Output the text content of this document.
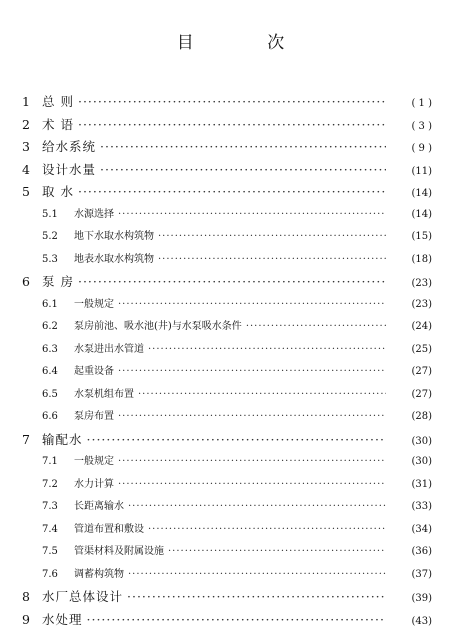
目 次
1 总 则 ·····	( 1 )
2 术 语 ·····	( 3 )
3 给水系统 ·····	( 9 )
4 设计水量 ·····	(11)
5 取 水 ·····	(14)
5.1	水源选择 ·····	(14)
5.2	地下水取水构筑物 ·····	(15)
5.3	地表水取水构筑物 ·····	(18)
6 泵 房 ·····	(23)
6.1	一般规定 ·····	(23)
6.2	泵房前池、吸水池(井)与水泵吸水条件 ·····	(24)
6.3	水泵进出水管道 ·····	(25)
6.4	起重设备 ·····	(27)
6.5	水泵机组布置 ·····	(27)
6.6	泵房布置 ·····	(28)
7 输配水 ·····	(30)
7.1	一般规定 ·····	(30)
7.2	水力计算 ·····	(31)
7.3	长距离输水 ·····	(33)
7.4	管道布置和敷设 ·····	(34)
7.5	管渠材料及附属设施 ·····	(36)
7.6	调蓄构筑物 ·····	(37)
8 水厂总体设计 ·····	(39)
9 水处理 ·····	(43)
